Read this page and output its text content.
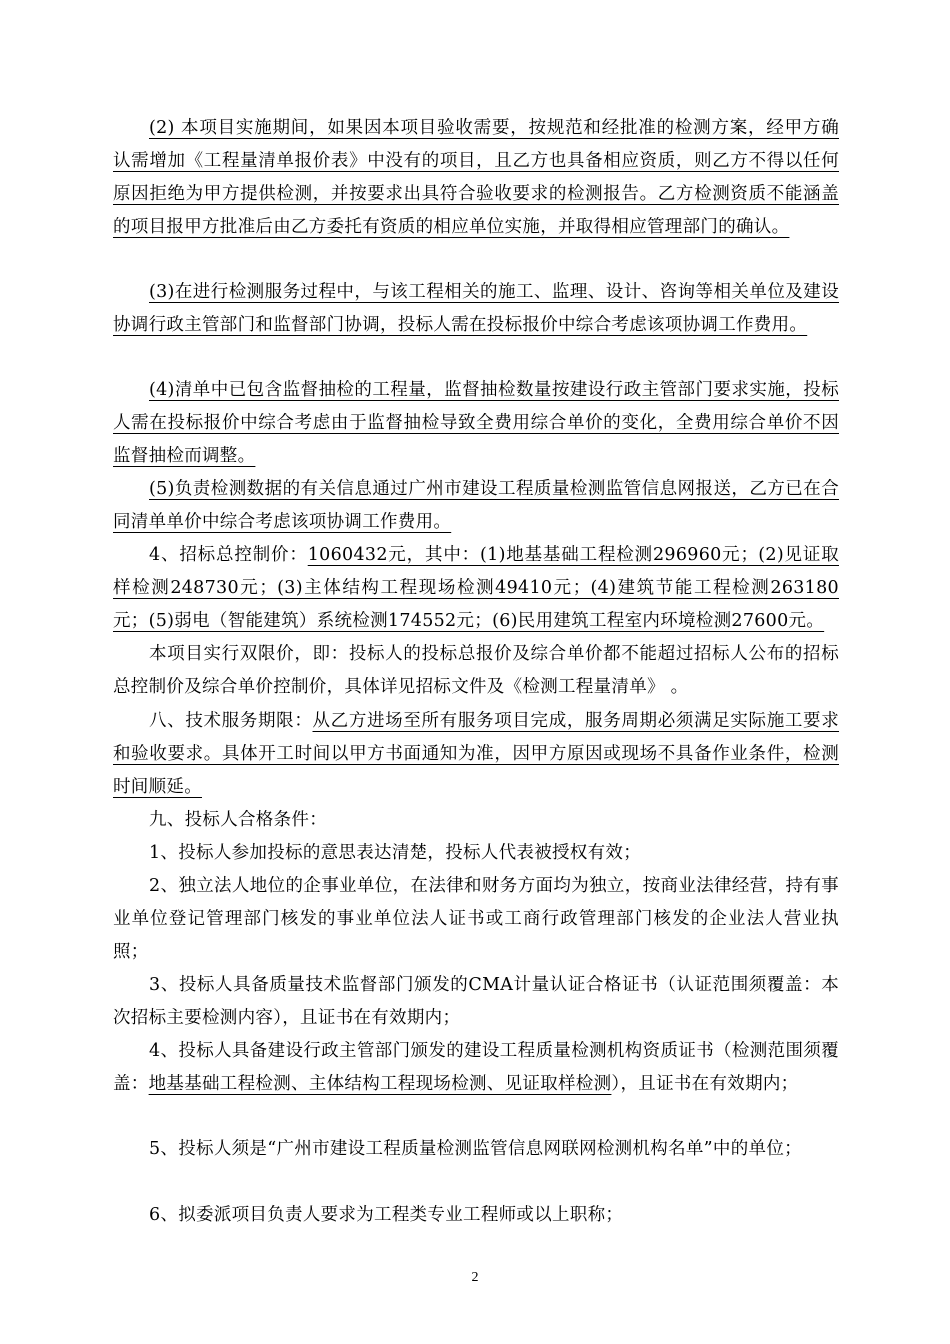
(2) 本项目实施期间，如果因本项目验收需要，按规范和经批准的检测方案，经甲方确认需增加《工程量清单报价表》中没有的项目，且乙方也具备相应资质，则乙方不得以任何原因拒绝为甲方提供检测，并按要求出具符合验收要求的检测报告。乙方检测资质不能涵盖的项目报甲方批准后由乙方委托有资质的相应单位实施，并取得相应管理部门的确认。

(3)在进行检测服务过程中，与该工程相关的施工、监理、设计、咨询等相关单位及建设协调行政主管部门和监督部门协调，投标人需在投标报价中综合考虑该项协调工作费用。

(4)清单中已包含监督抽检的工程量，监督抽检数量按建设行政主管部门要求实施，投标人需在投标报价中综合考虑由于监督抽检导致全费用综合单价的变化，全费用综合单价不因监督抽检而调整。

(5)负责检测数据的有关信息通过广州市建设工程质量检测监管信息网报送，乙方已在合同清单单价中综合考虑该项协调工作费用。

4、招标总控制价：1060432元，其中：(1)地基基础工程检测296960元；(2)见证取样检测248730元；(3)主体结构工程现场检测49410元；(4)建筑节能工程检测263180元；(5)弱电（智能建筑）系统检测174552元；(6)民用建筑工程室内环境检测27600元。

本项目实行双限价，即：投标人的投标总报价及综合单价都不能超过招标人公布的招标总控制价及综合单价控制价，具体详见招标文件及《检测工程量清单》 。

八、技术服务期限：从乙方进场至所有服务项目完成，服务周期必须满足实际施工要求和验收要求。具体开工时间以甲方书面通知为准，因甲方原因或现场不具备作业条件，检测时间顺延。

九、投标人合格条件：

1、投标人参加投标的意思表达清楚，投标人代表被授权有效；

2、独立法人地位的企事业单位，在法律和财务方面均为独立，按商业法律经营，持有事业单位登记管理部门核发的事业单位法人证书或工商行政管理部门核发的企业法人营业执照；

3、投标人具备质量技术监督部门颁发的CMA计量认证合格证书（认证范围须覆盖：本次招标主要检测内容），且证书在有效期内；

4、投标人具备建设行政主管部门颁发的建设工程质量检测机构资质证书（检测范围须覆盖：地基基础工程检测、主体结构工程现场检测、见证取样检测），且证书在有效期内；

5、投标人须是“广州市建设工程质量检测监管信息网联网检测机构名单”中的单位；

6、拟委派项目负责人要求为工程类专业工程师或以上职称；

2
